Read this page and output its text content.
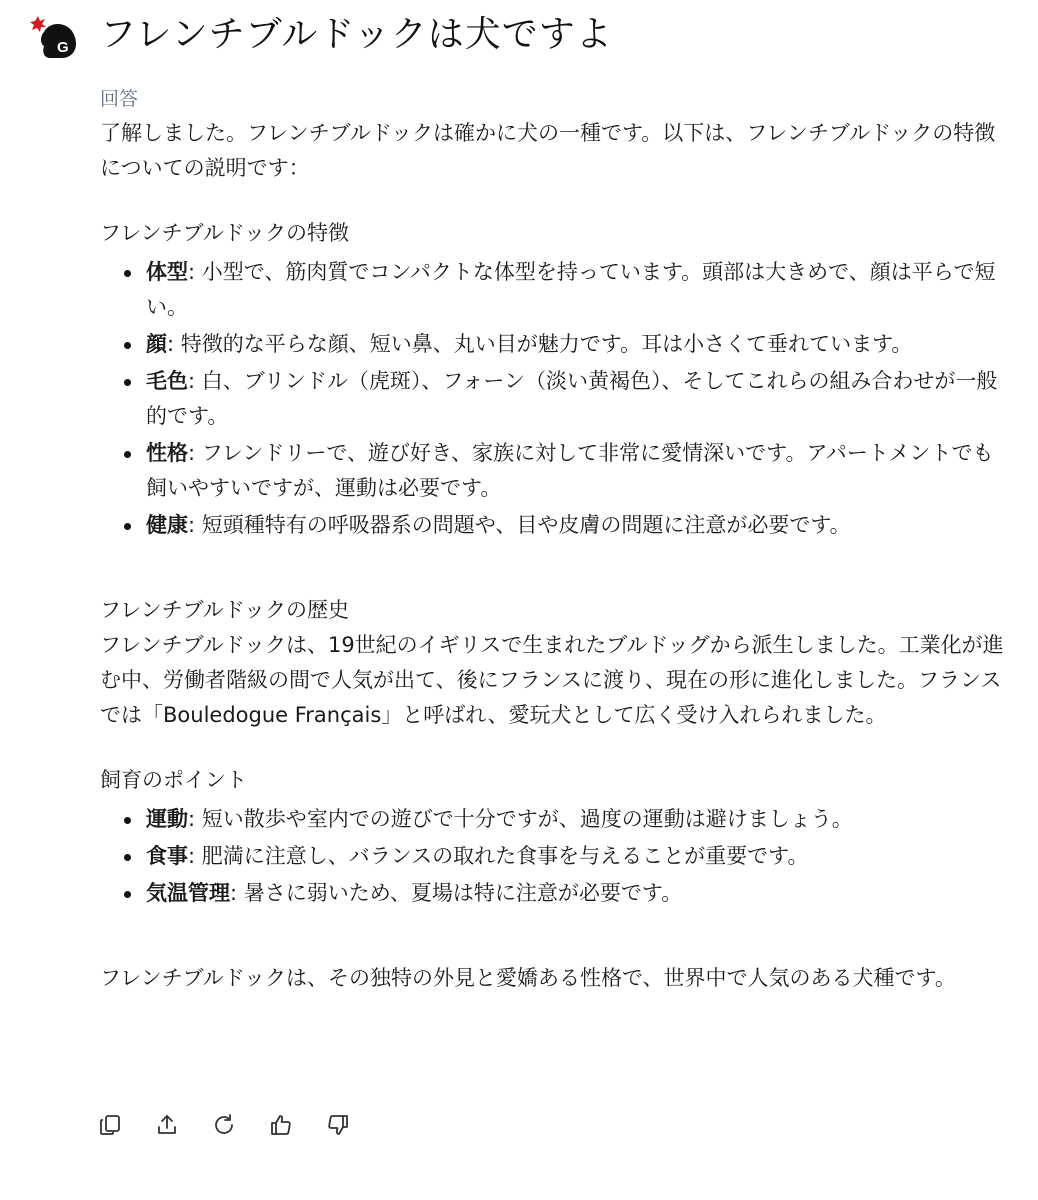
G フレンチブルドックは犬ですよ
回答

了解しました。フレンチブルドックは確かに犬の一種です。以下は、フレンチブルドックの特徴についての説明です：

フレンチブルドックの特徴
体型: 小型で、筋肉質でコンパクトな体型を持っています。頭部は大きめで、顔は平らで短い。
顔: 特徴的な平らな顔、短い鼻、丸い目が魅力です。耳は小さくて垂れています。
毛色: 白、ブリンドル（虎斑）、フォーン（淡い黄褐色）、そしてこれらの組み合わせが一般的です。
性格: フレンドリーで、遊び好き、家族に対して非常に愛情深いです。アパートメントでも飼いやすいですが、運動は必要です。
健康: 短頭種特有の呼吸器系の問題や、目や皮膚の問題に注意が必要です。
フレンチブルドックの歴史

フレンチブルドックは、19世紀のイギリスで生まれたブルドッグから派生しました。工業化が進む中、労働者階級の間で人気が出て、後にフランスに渡り、現在の形に進化しました。フランスでは「Bouledogue Français」と呼ばれ、愛玩犬として広く受け入れられました。

飼育のポイント
運動: 短い散歩や室内での遊びで十分ですが、過度の運動は避けましょう。
食事: 肥満に注意し、バランスの取れた食事を与えることが重要です。
気温管理: 暑さに弱いため、夏場は特に注意が必要です。

フレンチブルドックは、その独特の外見と愛嬌ある性格で、世界中で人気のある犬種です。
